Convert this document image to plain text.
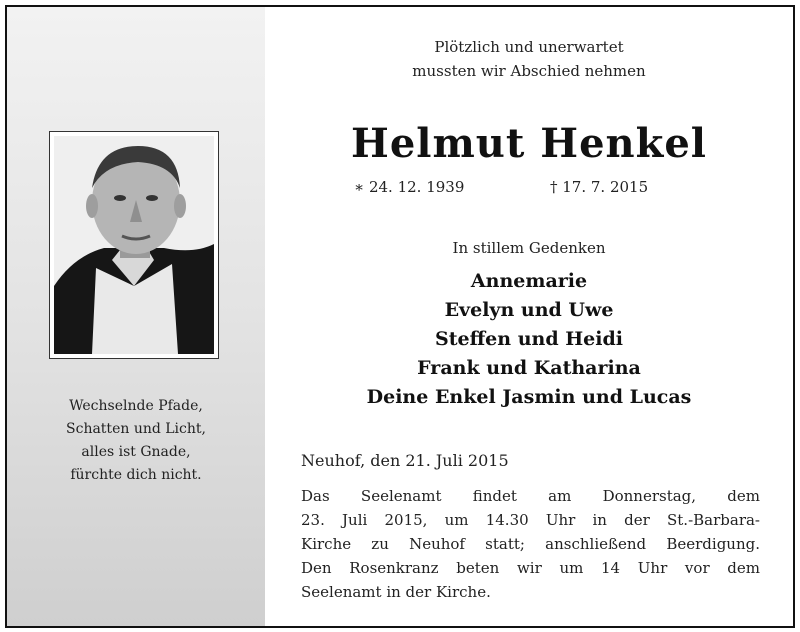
Wechselnde Pfade,
Schatten und Licht,
alles ist Gnade,
fürchte dich nicht.
Plötzlich und unerwartet
mussten wir Abschied nehmen
Helmut Henkel
∗ 24. 12. 1939	† 17. 7. 2015
In stillem Gedenken
Annemarie
Evelyn und Uwe
Steffen und Heidi
Frank und Katharina
Deine Enkel Jasmin und Lucas
Neuhof, den 21. Juli 2015
Das Seelenamt findet am Donnerstag, dem
23. Juli 2015, um 14.30 Uhr in der St.-Barbara-
Kirche zu Neuhof statt; anschließend Beerdigung.
Den Rosenkranz beten wir um 14 Uhr vor dem
Seelenamt in der Kirche.
